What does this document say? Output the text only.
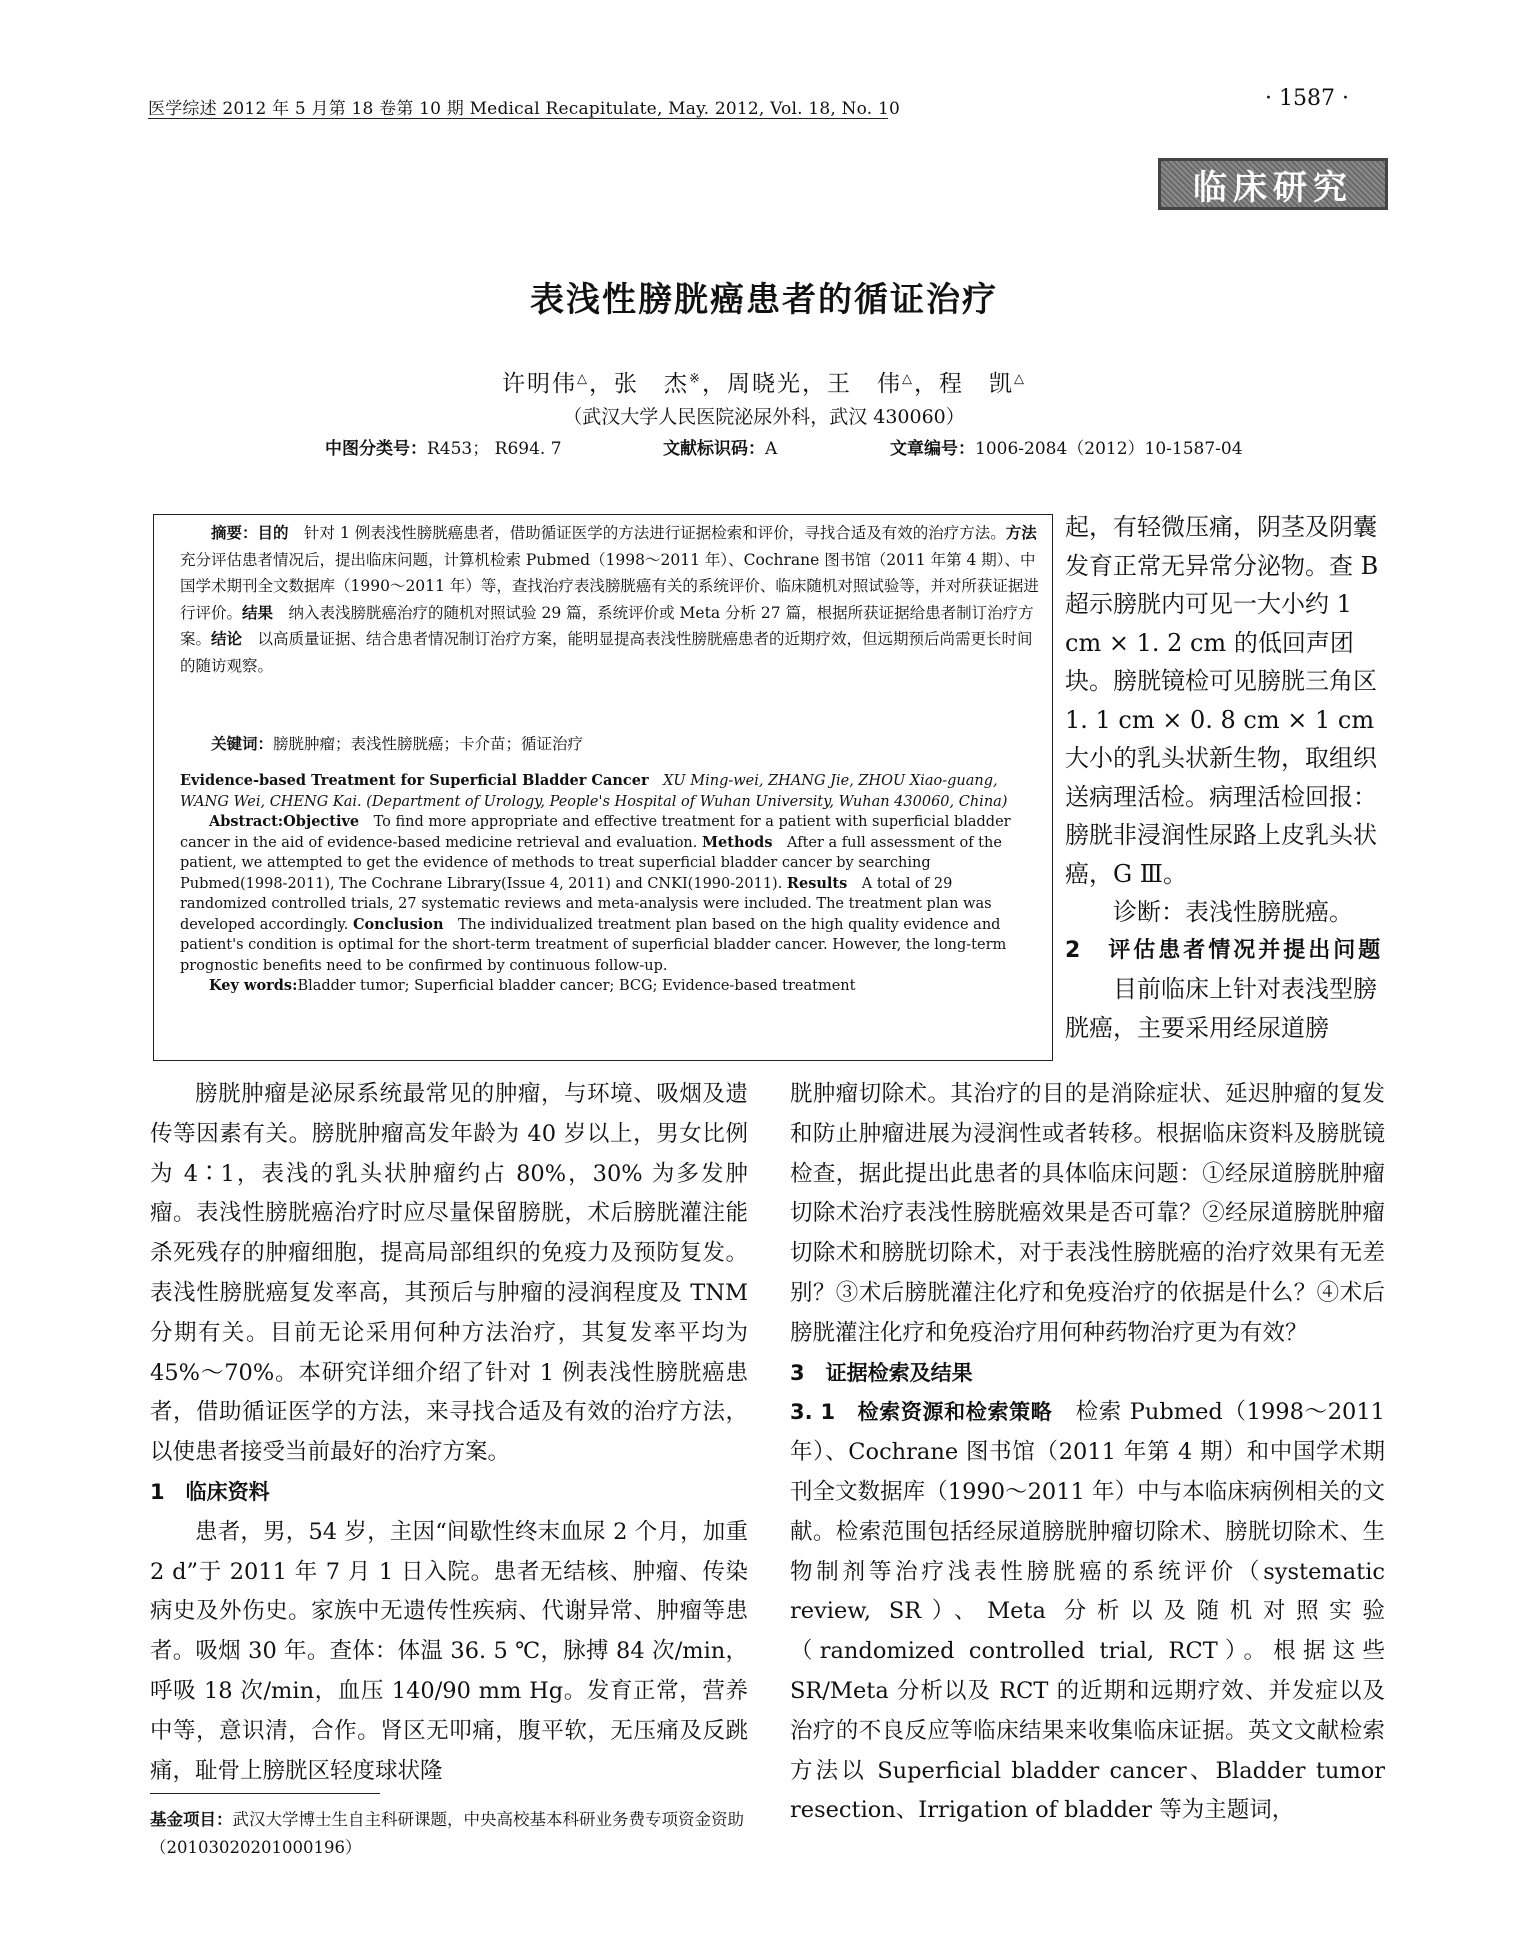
医学综述 2012 年 5 月第 18 卷第 10 期 Medical Recapitulate, May. 2012, Vol. 18, No. 10	· 1587 ·
临床研究
表浅性膀胱癌患者的循证治疗
许明伟△，张　杰※，周晓光，王　伟△，程　凯△
（武汉大学人民医院泌尿外科，武汉 430060）
中图分类号：R453； R694. 7	文献标识码：A	文章编号：1006-2084（2012）10-1587-04

摘要：目的　 针对 1 例表浅性膀胱癌患者，借助循证医学的方法进行证据检索和评价，寻找合适及有效的治疗方法。方法　充分评估患者情况后，提出临床问题，计算机检索 Pubmed（1998～2011 年）、Cochrane 图书馆（2011 年第 4 期）、中国学术期刊全文数据库（1990～2011 年）等，查找治疗表浅膀胱癌有关的系统评价、临床随机对照试验等，并对所获证据进行评价。结果　 纳入表浅膀胱癌治疗的随机对照试验 29 篇，系统评价或 Meta 分析 27 篇，根据所获证据给患者制订治疗方案。结论　 以高质量证据、结合患者情况制订治疗方案，能明显提高表浅性膀胱癌患者的近期疗效，但远期预后尚需更长时间的随访观察。

关键词：膀胱肿瘤；表浅性膀胱癌；卡介苗；循证治疗

Evidence-based Treatment for Superficial Bladder Cancer　 XU Ming-wei, ZHANG Jie, ZHOU Xiao-guang, WANG Wei, CHENG Kai. (Department of Urology, People's Hospital of Wuhan University, Wuhan 430060, China)

Abstract:Objective　 To find more appropriate and effective treatment for a patient with superficial bladder cancer in the aid of evidence-based medicine retrieval and evaluation. Methods　 After a full assessment of the patient, we attempted to get the evidence of methods to treat superficial bladder cancer by searching Pubmed(1998-2011), The Cochrane Library(Issue 4, 2011) and CNKI(1990-2011). Results　 A total of 29 randomized controlled trials, 27 systematic reviews and meta-analysis were included. The treatment plan was developed accordingly. Conclusion　 The individualized treatment plan based on the high quality evidence and patient's condition is optimal for the short-term treatment of superficial bladder cancer. However, the long-term prognostic benefits need to be confirmed by continuous follow-up.

Key words:Bladder tumor; Superficial bladder cancer; BCG; Evidence-based treatment

起，有轻微压痛，阴茎及阴囊发育正常无异常分泌物。查 B 超示膀胱内可见一大小约 1 cm × 1. 2 cm 的低回声团块。膀胱镜检可见膀胱三角区 1. 1 cm × 0. 8 cm × 1 cm 大小的乳头状新生物，取组织送病理活检。病理活检回报：膀胱非浸润性尿路上皮乳头状癌，G Ⅲ。

诊断：表浅性膀胱癌。

2　评估患者情况并提出问题

目前临床上针对表浅型膀胱癌，主要采用经尿道膀

膀胱肿瘤是泌尿系统最常见的肿瘤，与环境、吸烟及遗传等因素有关。膀胱肿瘤高发年龄为 40 岁以上，男女比例为 4∶1，表浅的乳头状肿瘤约占 80%，30% 为多发肿瘤。表浅性膀胱癌治疗时应尽量保留膀胱，术后膀胱灌注能杀死残存的肿瘤细胞，提高局部组织的免疫力及预防复发。表浅性膀胱癌复发率高，其预后与肿瘤的浸润程度及 TNM 分期有关。目前无论采用何种方法治疗，其复发率平均为 45%～70%。本研究详细介绍了针对 1 例表浅性膀胱癌患者，借助循证医学的方法，来寻找合适及有效的治疗方法，以使患者接受当前最好的治疗方案。

1　临床资料

患者，男，54 岁，主因“间歇性终末血尿 2 个月，加重 2 d”于 2011 年 7 月 1 日入院。患者无结核、肿瘤、传染病史及外伤史。家族中无遗传性疾病、代谢异常、肿瘤等患者。吸烟 30 年。查体：体温 36. 5 ℃，脉搏 84 次/min，呼吸 18 次/min，血压 140/90 mm Hg。发育正常，营养中等，意识清，合作。肾区无叩痛，腹平软，无压痛及反跳痛，耻骨上膀胱区轻度球状隆

胱肿瘤切除术。其治疗的目的是消除症状、延迟肿瘤的复发和防止肿瘤进展为浸润性或者转移。根据临床资料及膀胱镜检查，据此提出此患者的具体临床问题：①经尿道膀胱肿瘤切除术治疗表浅性膀胱癌效果是否可靠？②经尿道膀胱肿瘤切除术和膀胱切除术，对于表浅性膀胱癌的治疗效果有无差别？③术后膀胱灌注化疗和免疫治疗的依据是什么？④术后膀胱灌注化疗和免疫治疗用何种药物治疗更为有效？

3　证据检索及结果

3. 1　检索资源和检索策略　 检索 Pubmed（1998～2011 年）、Cochrane 图书馆（2011 年第 4 期）和中国学术期刊全文数据库（1990～2011 年）中与本临床病例相关的文献。检索范围包括经尿道膀胱肿瘤切除术、膀胱切除术、生物制剂等治疗浅表性膀胱癌的系统评价（systematic review, SR）、Meta 分析以及随机对照实验（randomized controlled trial, RCT）。根据这些 SR/Meta 分析以及 RCT 的近期和远期疗效、并发症以及治疗的不良反应等临床结果来收集临床证据。英文文献检索方法以 Superficial bladder cancer、Bladder tumor resection、Irrigation of bladder 等为主题词，

基金项目：武汉大学博士生自主科研课题，中央高校基本科研业务费专项资金资助（20103020201000196）
